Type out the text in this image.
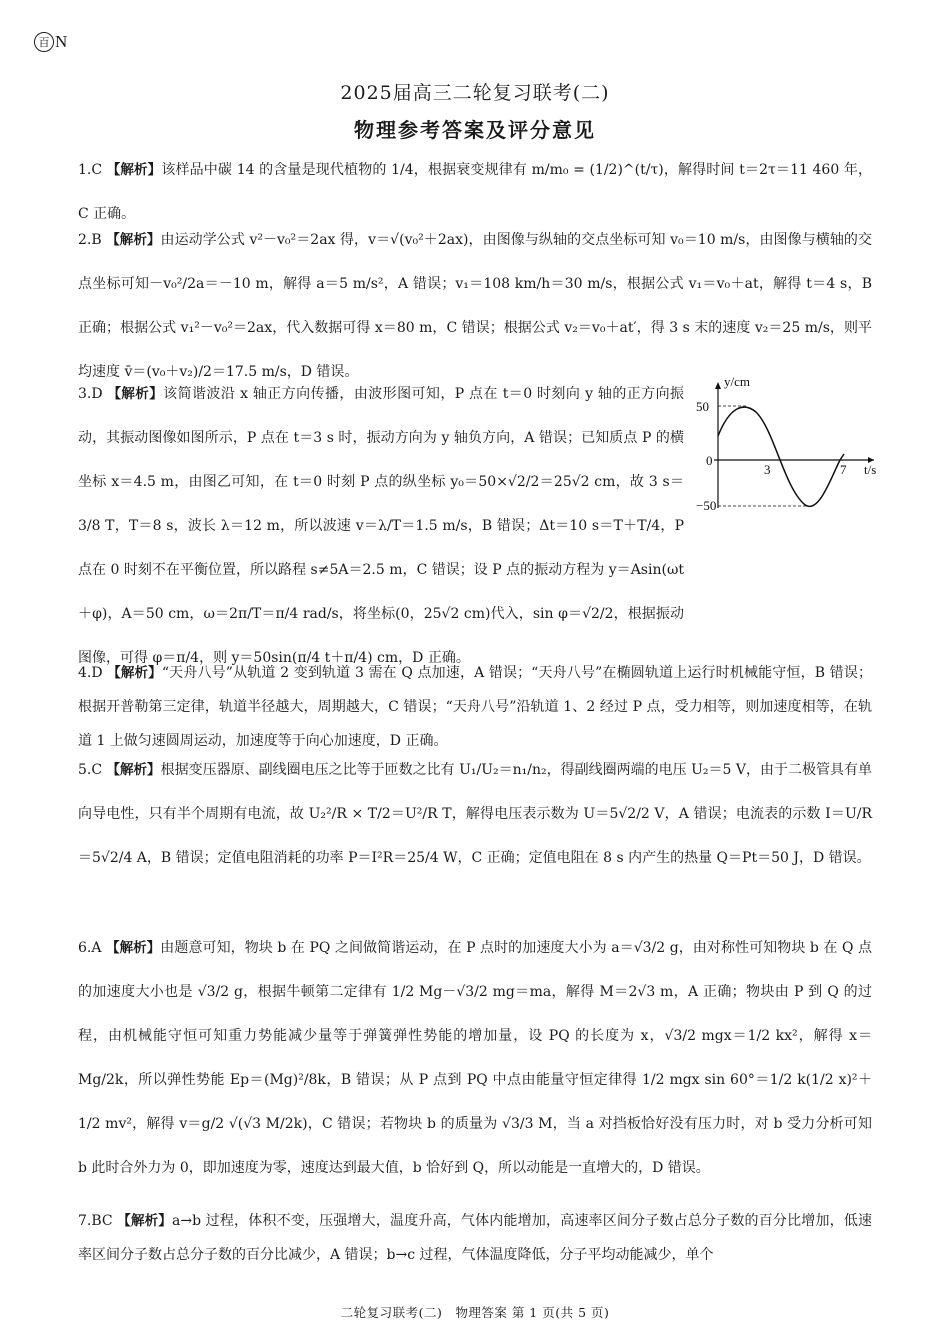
百 N
2025届高三二轮复习联考(二)
物理参考答案及评分意见
1.C 【解析】该样品中碳 14 的含量是现代植物的 1/4，根据衰变规律有 m/m₀ = (1/2)^(t/τ)，解得时间 t＝2τ＝11 460 年，C 正确。
2.B 【解析】由运动学公式 v²－v₀²＝2ax 得，v＝√(v₀²＋2ax)，由图像与纵轴的交点坐标可知 v₀＝10 m/s，由图像与横轴的交点坐标可知－v₀²/2a＝－10 m，解得 a＝5 m/s²，A 错误；v₁＝108 km/h＝30 m/s，根据公式 v₁＝v₀＋at，解得 t＝4 s，B 正确；根据公式 v₁²－v₀²＝2ax，代入数据可得 x＝80 m，C 错误；根据公式 v₂＝v₀＋at′，得 3 s 末的速度 v₂＝25 m/s，则平均速度 v̄＝(v₀＋v₂)/2＝17.5 m/s，D 错误。
3.D 【解析】该简谐波沿 x 轴正方向传播，由波形图可知，P 点在 t＝0 时刻向 y 轴的正方向振动，其振动图像如图所示，P 点在 t＝3 s 时，振动方向为 y 轴负方向，A 错误；已知质点 P 的横坐标 x＝4.5 m，由图乙可知，在 t＝0 时刻 P 点的纵坐标 y₀＝50×√2/2＝25√2 cm，故 3 s＝3/8 T，T＝8 s，波长 λ＝12 m，所以波速 v＝λ/T＝1.5 m/s，B 错误；Δt＝10 s＝T＋T/4，P 点在 0 时刻不在平衡位置，所以路程 s≠5A＝2.5 m，C 错误；设 P 点的振动方程为 y＝Asin(ωt＋φ)，A＝50 cm，ω＝2π/T＝π/4 rad/s，将坐标(0，25√2 cm)代入，sin φ＝√2/2，根据振动图像，可得 φ＝π/4，则 y＝50sin(π/4 t＋π/4) cm，D 正确。
y/cm
t/s
50
0
−50
3	7
4.D 【解析】“天舟八号”从轨道 2 变到轨道 3 需在 Q 点加速，A 错误；“天舟八号”在椭圆轨道上运行时机械能守恒，B 错误；根据开普勒第三定律，轨道半径越大，周期越大，C 错误；“天舟八号”沿轨道 1、2 经过 P 点，受力相等，则加速度相等，在轨道 1 上做匀速圆周运动，加速度等于向心加速度，D 正确。
5.C 【解析】根据变压器原、副线圈电压之比等于匝数之比有 U₁/U₂＝n₁/n₂，得副线圈两端的电压 U₂＝5 V，由于二极管具有单向导电性，只有半个周期有电流，故 U₂²/R × T/2＝U²/R T，解得电压表示数为 U＝5√2/2 V，A 错误；电流表的示数 I＝U/R＝5√2/4 A，B 错误；定值电阻消耗的功率 P＝I²R＝25/4 W，C 正确；定值电阻在 8 s 内产生的热量 Q＝Pt＝50 J，D 错误。
6.A 【解析】由题意可知，物块 b 在 PQ 之间做简谐运动，在 P 点时的加速度大小为 a＝√3/2 g，由对称性可知物块 b 在 Q 点的加速度大小也是 √3/2 g，根据牛顿第二定律有 1/2 Mg－√3/2 mg＝ma，解得 M＝2√3 m，A 正确；物块由 P 到 Q 的过程，由机械能守恒可知重力势能减少量等于弹簧弹性势能的增加量，设 PQ 的长度为 x，√3/2 mgx＝1/2 kx²，解得 x＝Mg/2k，所以弹性势能 Ep＝(Mg)²/8k，B 错误；从 P 点到 PQ 中点由能量守恒定律得 1/2 mgx sin 60°＝1/2 k(1/2 x)²＋1/2 mv²，解得 v＝g/2 √(√3 M/2k)，C 错误；若物块 b 的质量为 √3/3 M，当 a 对挡板恰好没有压力时，对 b 受力分析可知 b 此时合外力为 0，即加速度为零，速度达到最大值，b 恰好到 Q，所以动能是一直增大的，D 错误。
7.BC 【解析】a→b 过程，体积不变，压强增大，温度升高，气体内能增加，高速率区间分子数占总分子数的百分比增加，低速率区间分子数占总分子数的百分比减少，A 错误；b→c 过程，气体温度降低，分子平均动能减少，单个
二轮复习联考(二)　物理答案 第 1 页(共 5 页)
